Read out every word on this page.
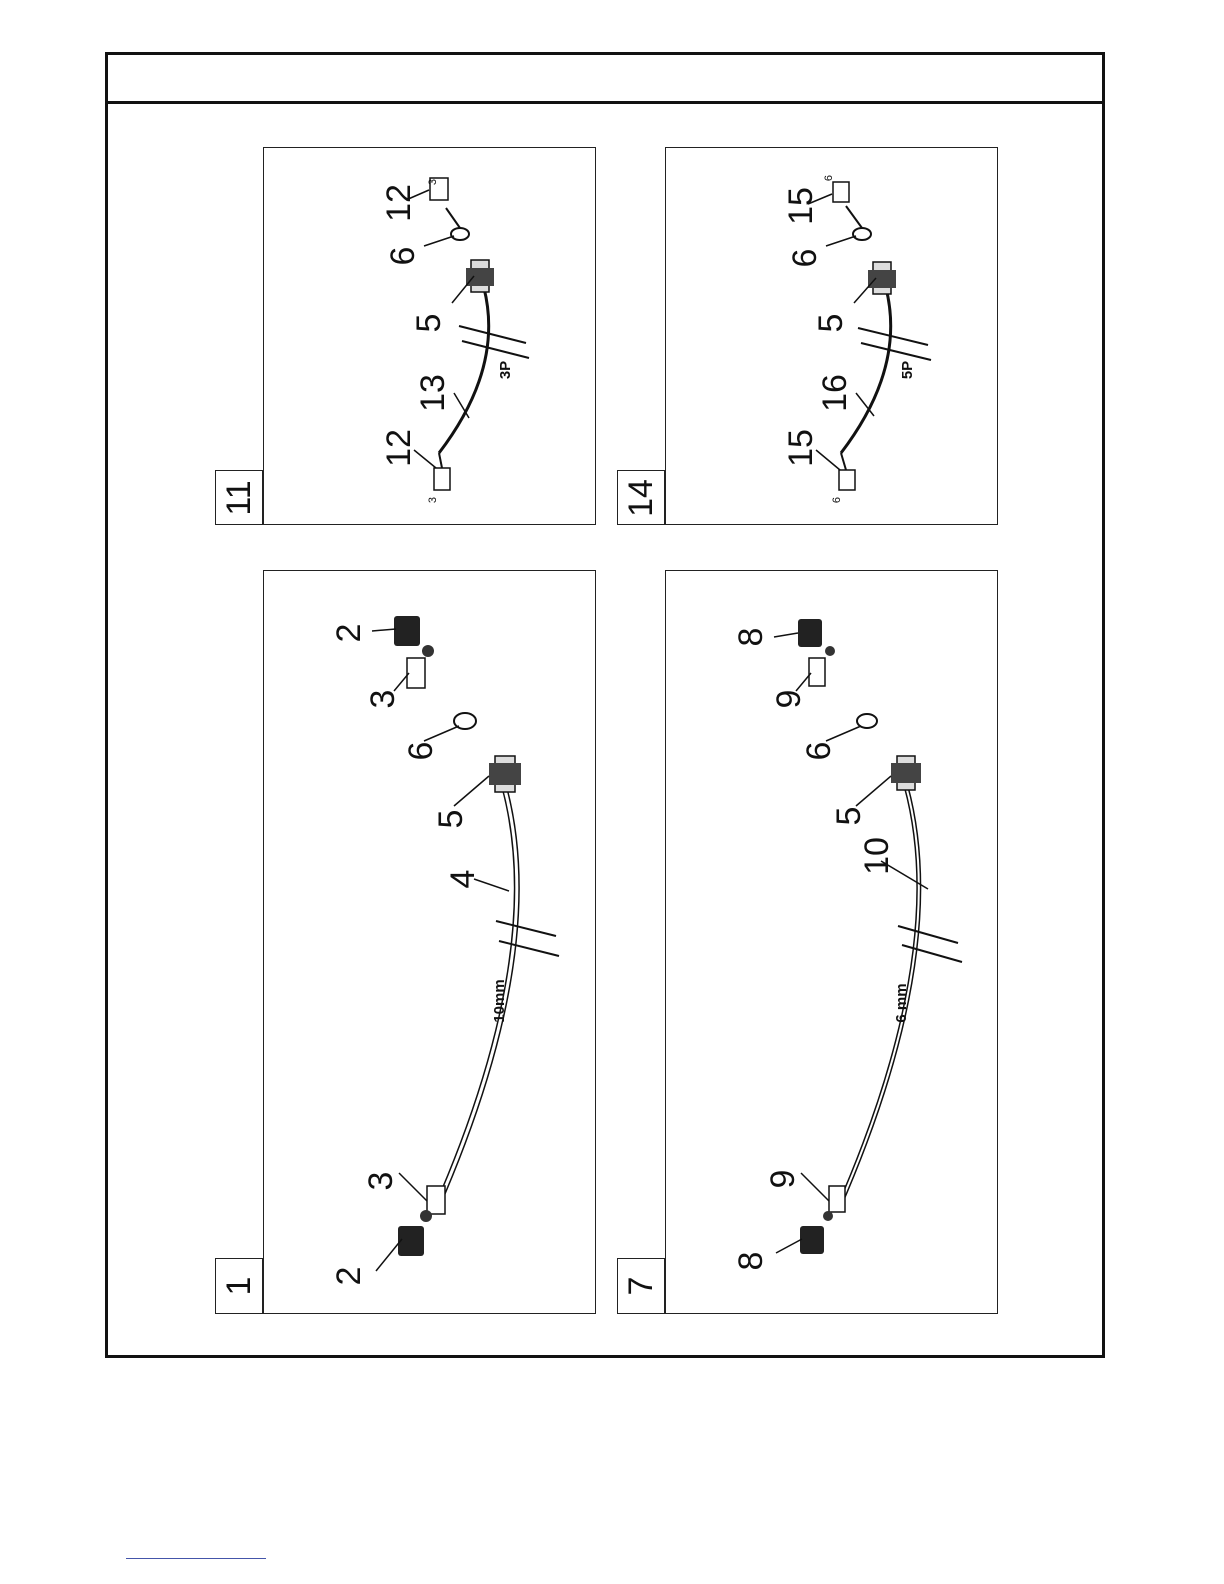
2
3
4
5
6
3
2
10mm
1
8
9
10
5
6
9
8
6 mm
7
12
13
5
6
12
3
3
3P
11
15
16
5
6
15
6
6
5P
14
